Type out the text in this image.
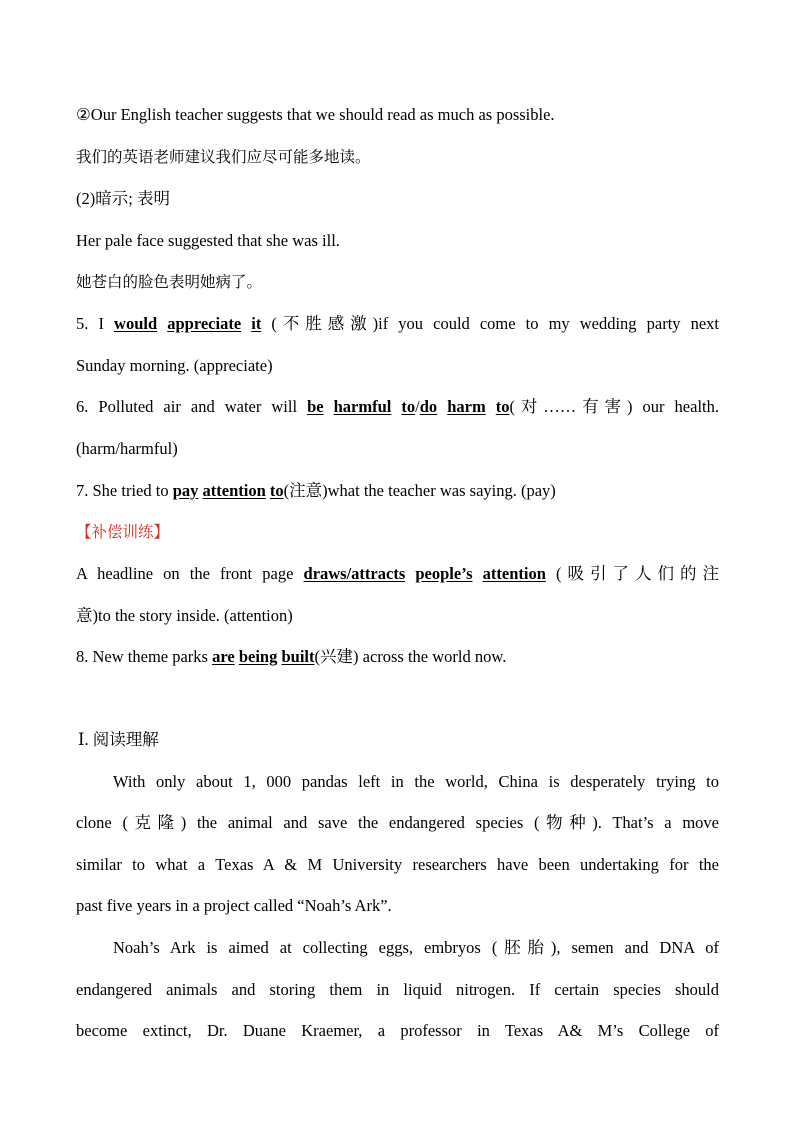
②Our English teacher suggests that we should read as much as possible.
我们的英语老师建议我们应尽可能多地读。
(2)暗示; 表明
Her pale face suggested that she was ill.
她苍白的脸色表明她病了。
5. I would appreciate it (不胜感激)if you could come to my wedding party next
Sunday morning. (appreciate)
6. Polluted air and water will be harmful to/do harm to(对……有害) our health.
(harm/harmful)
7. She tried to pay attention to(注意)what the teacher was saying. (pay)
【补偿训练】
A headline on the front page draws/attracts people’s attention (吸引了人们的注
意)to the story inside. (attention)
8. New theme parks are being built(兴建) across the world now.
Ⅰ. 阅读理解
With only about 1, 000 pandas left in the world, China is desperately trying to
clone (克隆) the animal and save the endangered species (物种). That’s a move
similar to what a Texas A & M University researchers have been undertaking for the
past five years in a project called “Noah’s Ark”.
Noah’s Ark is aimed at collecting eggs, embryos (胚胎), semen and DNA of
endangered animals and storing them in liquid nitrogen. If certain species should
become extinct, Dr. Duane Kraemer, a professor in Texas A& M’s College of
